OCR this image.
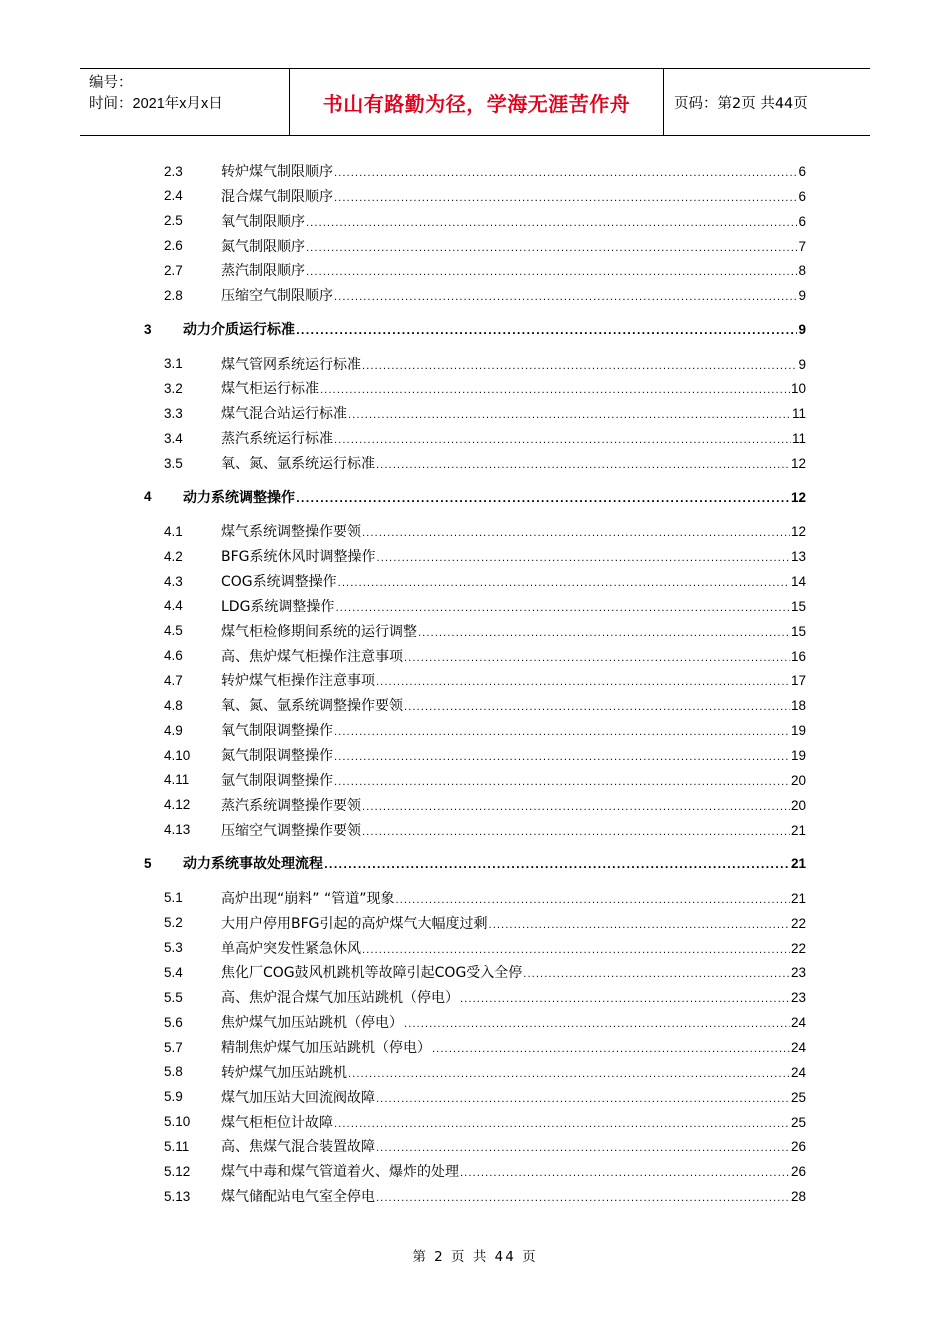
编号：
时间：2021年x月x日	书山有路勤为径，学海无涯苦作舟	页码：第2页 共44页
2.3	转炉煤气制限顺序 .....	6
2.4	混合煤气制限顺序 .....	6
2.5	氧气制限顺序 .....	6
2.6	氮气制限顺序 .....	7
2.7	蒸汽制限顺序 .....	8
2.8	压缩空气制限顺序 .....	9
3 动力介质运行标准 .....	9
3.1	煤气管网系统运行标准 .....	9
3.2	煤气柜运行标准 .....	10
3.3	煤气混合站运行标准 .....	11
3.4	蒸汽系统运行标准 .....	11
3.5	氧、氮、氩系统运行标准 .....	12
4 动力系统调整操作 .....	12
4.1	煤气系统调整操作要领 .....	12
4.2	BFG系统休风时调整操作 .....	13
4.3	COG系统调整操作 .....	14
4.4	LDG系统调整操作 .....	15
4.5	煤气柜检修期间系统的运行调整 .....	15
4.6	高、焦炉煤气柜操作注意事项 .....	16
4.7	转炉煤气柜操作注意事项 .....	17
4.8	氧、氮、氩系统调整操作要领 .....	18
4.9	氧气制限调整操作 .....	19
4.10 氮气制限调整操作 .....	19
4.11 氩气制限调整操作 .....	20
4.12 蒸汽系统调整操作要领 .....	20
4.13 压缩空气调整操作要领 .....	21
5 动力系统事故处理流程 .....	21
5.1	高炉出现“崩料” “管道”现象 .....	21
5.2	大用户停用BFG引起的高炉煤气大幅度过剩 .....	22
5.3	单高炉突发性紧急休风 .....	22
5.4	焦化厂COG鼓风机跳机等故障引起COG受入全停 .....	23
5.5	高、焦炉混合煤气加压站跳机（停电） .....	23
5.6	焦炉煤气加压站跳机（停电） .....	24
5.7	精制焦炉煤气加压站跳机（停电） .....	24
5.8	转炉煤气加压站跳机 .....	24
5.9	煤气加压站大回流阀故障 .....	25
5.10 煤气柜柜位计故障 .....	25
5.11 高、焦煤气混合装置故障 .....	26
5.12 煤气中毒和煤气管道着火、爆炸的处理 .....	26
5.13 煤气储配站电气室全停电 .....	28
第 2 页 共 44 页
